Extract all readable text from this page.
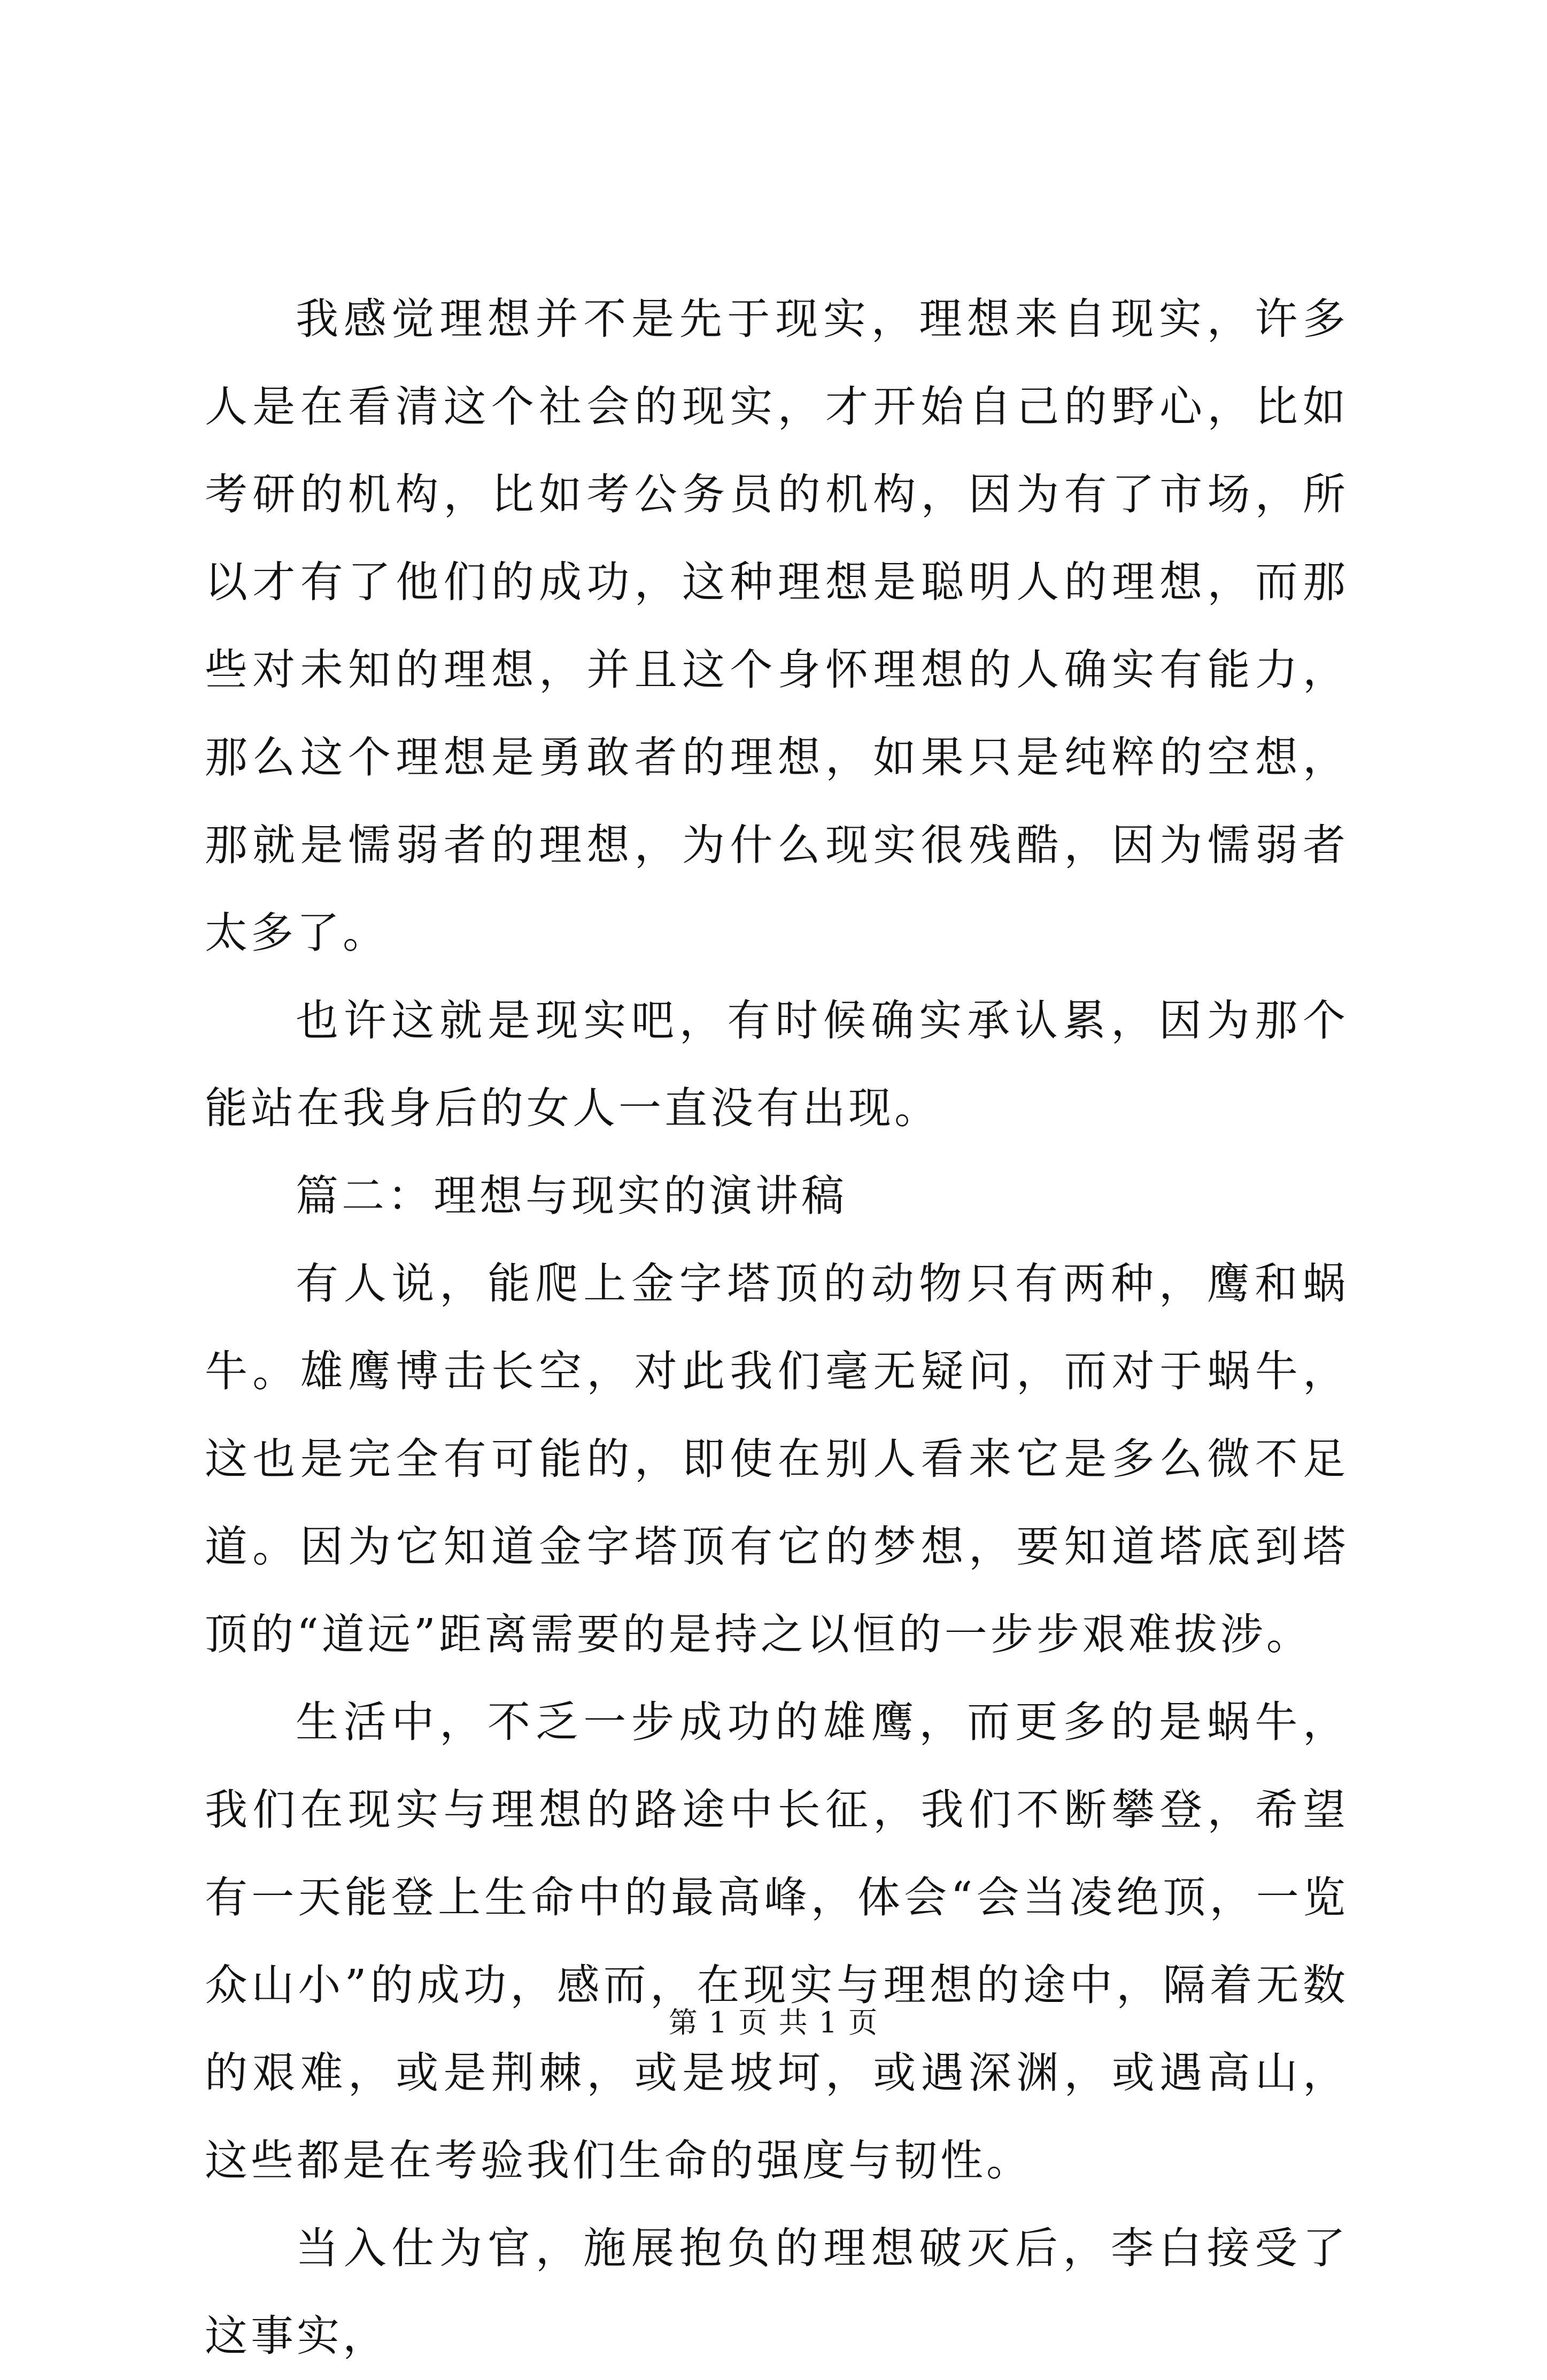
我感觉理想并不是先于现实，理想来自现实，许多人是在看清这个社会的现实，才开始自己的野心，比如考研的机构，比如考公务员的机构，因为有了市场，所以才有了他们的成功，这种理想是聪明人的理想，而那些对未知的理想，并且这个身怀理想的人确实有能力，那么这个理想是勇敢者的理想，如果只是纯粹的空想，那就是懦弱者的理想，为什么现实很残酷，因为懦弱者太多了。

也许这就是现实吧，有时候确实承认累，因为那个能站在我身后的女人一直没有出现。

篇二：理想与现实的演讲稿

有人说，能爬上金字塔顶的动物只有两种，鹰和蜗牛。雄鹰博击长空，对此我们毫无疑问，而对于蜗牛，这也是完全有可能的，即使在别人看来它是多么微不足道。因为它知道金字塔顶有它的梦想，要知道塔底到塔顶的“道远”距离需要的是持之以恒的一步步艰难拔涉。

生活中，不乏一步成功的雄鹰，而更多的是蜗牛，我们在现实与理想的路途中长征，我们不断攀登，希望有一天能登上生命中的最高峰，体会“会当凌绝顶，一览众山小”的成功，感而，在现实与理想的途中，隔着无数的艰难，或是荆棘，或是坡坷，或遇深渊，或遇高山，这些都是在考验我们生命的强度与韧性。

当入仕为官，施展抱负的理想破灭后，李白接受了这事实，

第 1 页 共 1 页
